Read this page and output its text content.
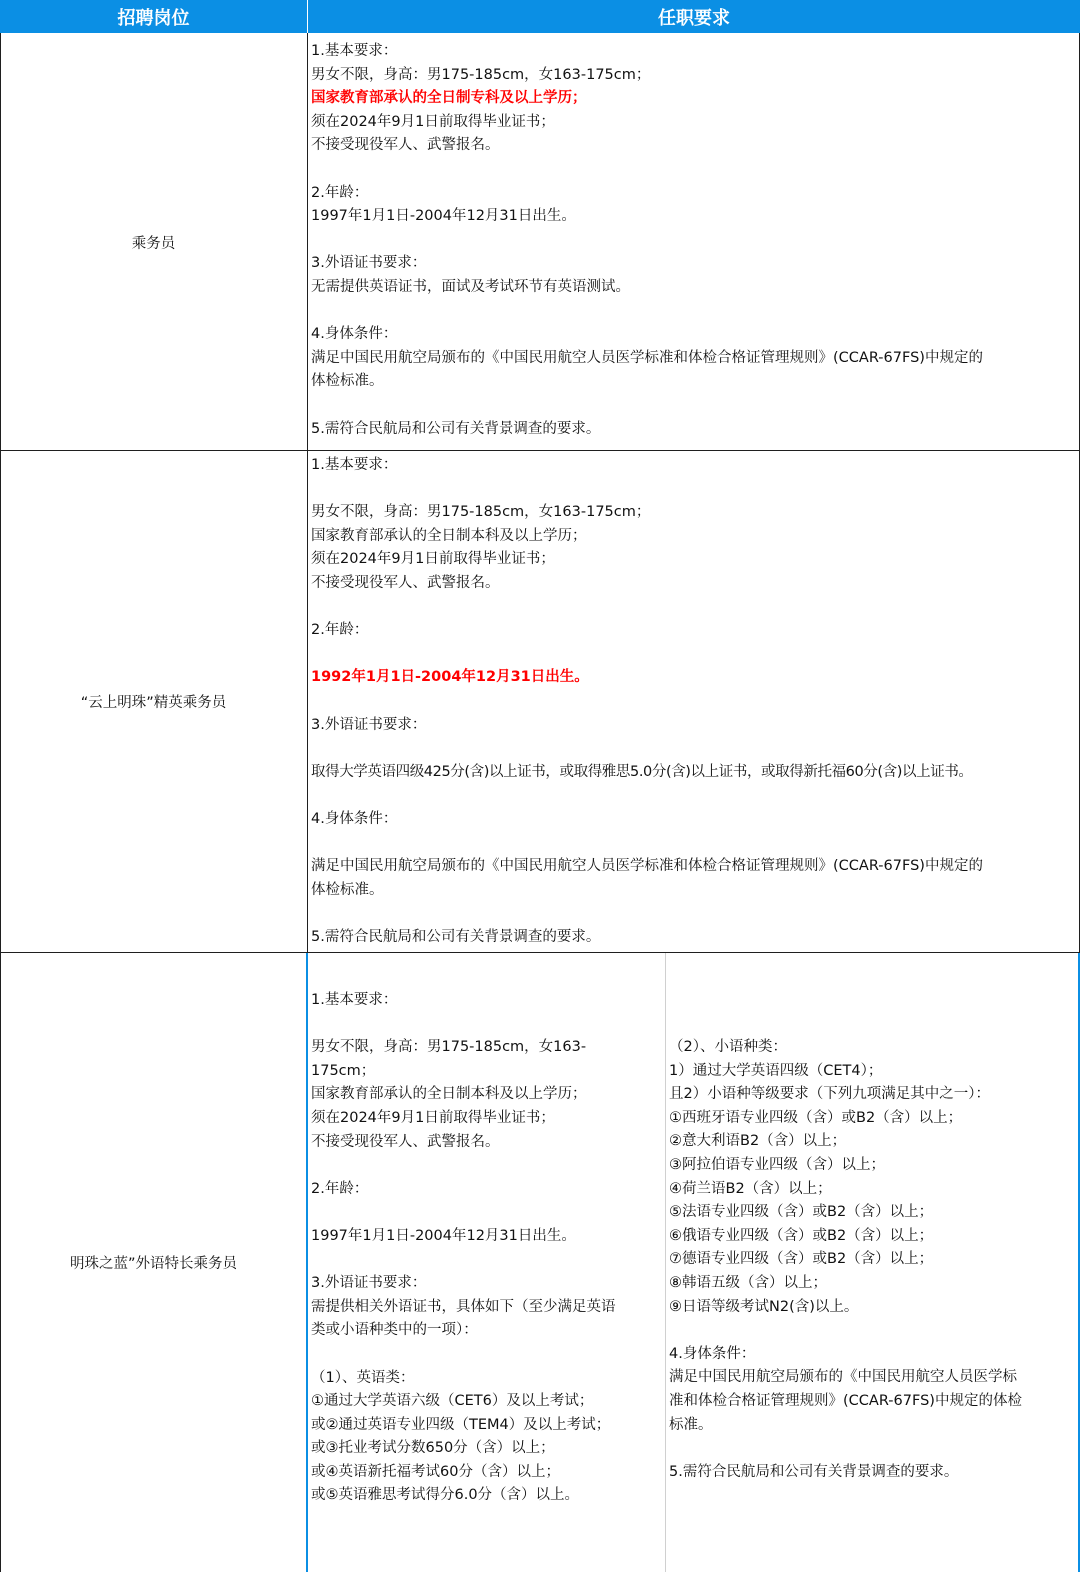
招聘岗位	任职要求
乘务员
1.基本要求：
男女不限，身高：男175-185cm，女163-175cm；
国家教育部承认的全日制专科及以上学历；
须在2024年9月1日前取得毕业证书；
不接受现役军人、武警报名。
2.年龄：
1997年1月1日-2004年12月31日出生。
3.外语证书要求：
无需提供英语证书，面试及考试环节有英语测试。
4.身体条件：
满足中国民用航空局颁布的《中国民用航空人员医学标准和体检合格证管理规则》(CCAR-67FS)中规定的
体检标准。
5.需符合民航局和公司有关背景调查的要求。
“云上明珠”精英乘务员
1.基本要求：
男女不限，身高：男175-185cm，女163-175cm；
国家教育部承认的全日制本科及以上学历；
须在2024年9月1日前取得毕业证书；
不接受现役军人、武警报名。
2.年龄：
1992年1月1日-2004年12月31日出生。
3.外语证书要求：
取得大学英语四级425分(含)以上证书，或取得雅思5.0分(含)以上证书，或取得新托福60分(含)以上证书。
4.身体条件：
满足中国民用航空局颁布的《中国民用航空人员医学标准和体检合格证管理规则》(CCAR-67FS)中规定的
体检标准。
5.需符合民航局和公司有关背景调查的要求。
明珠之蓝”外语特长乘务员
1.基本要求：
男女不限，身高：男175-185cm，女163-
175cm；
国家教育部承认的全日制本科及以上学历；
须在2024年9月1日前取得毕业证书；
不接受现役军人、武警报名。
2.年龄：
1997年1月1日-2004年12月31日出生。
3.外语证书要求：
需提供相关外语证书，具体如下（至少满足英语
类或小语种类中的一项）：
（1）、英语类：
①通过大学英语六级（CET6）及以上考试；
或②通过英语专业四级（TEM4）及以上考试；
或③托业考试分数650分（含）以上；
或④英语新托福考试60分（含）以上；
或⑤英语雅思考试得分6.0分（含）以上。
（2）、小语种类：
1）通过大学英语四级（CET4）；
且2）小语种等级要求（下列九项满足其中之一）：
①西班牙语专业四级（含）或B2（含）以上；
②意大利语B2（含）以上；
③阿拉伯语专业四级（含）以上；
④荷兰语B2（含）以上；
⑤法语专业四级（含）或B2（含）以上；
⑥俄语专业四级（含）或B2（含）以上；
⑦德语专业四级（含）或B2（含）以上；
⑧韩语五级（含）以上；
⑨日语等级考试N2(含)以上。
4.身体条件：
满足中国民用航空局颁布的《中国民用航空人员医学标
准和体检合格证管理规则》(CCAR-67FS)中规定的体检
标准。
5.需符合民航局和公司有关背景调查的要求。
